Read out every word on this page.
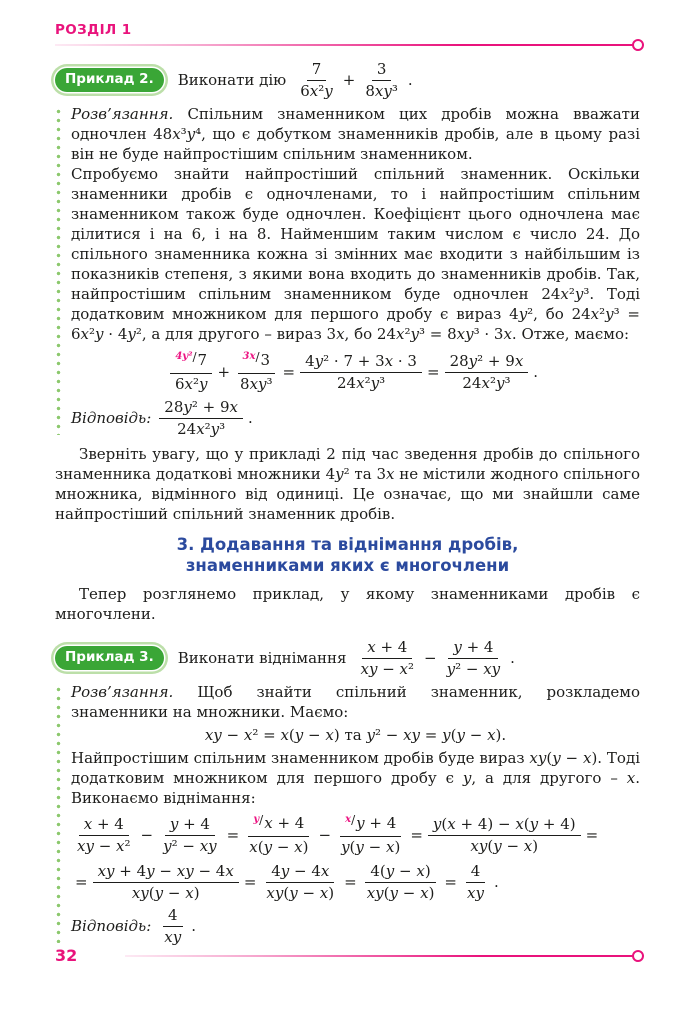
РОЗДІЛ 1
Приклад 2.	Виконати дію $\frac{7}{\text{6x²y}} + \frac{3}{\text{8xy³}}$ .

Розв’язання. Спільним знаменником цих дробів можна вважати одночлен 48x³y⁴, що є добутком знаменників дробів, але в цьому разі він не буде найпростішим спільним знаменником.

Спробуємо знайти найпростіший спільний знаменник. Оскільки знаменники дробів є одночленами, то і найпростішим спільним знаменником також буде одночлен. Коефіцієнт цього одночлена має ділитися і на 6, і на 8. Найменшим таким числом є число 24. До спільного знаменника кожна зі змінних має входити з найбільшим із показників степеня, з якими вона входить до знаменників дробів. Так, найпростішим спільним знаменником буде одночлен 24x²y³. Тоді додатковим множником для першого дробу є вираз 4y², бо 24x²y³ = 6x²y · 4y², а для другого – вираз 3x, бо 24x²y³ = 8xy³ · 3x. Отже, маємо:

$\frac{^{4y^2/}7}{\text{6x²y}} + \frac{^{3x/}3}{\text{8xy³}} = \frac{\text{4y² · 7 + 3x · 3}}{\text{24x²y³}} = \frac{\text{28y² + 9x}}{\text{24x²y³}}$ .
Відповідь: $\frac{\text{28y² + 9x}}{\text{24x²y³}}$ .

Зверніть увагу, що у прикладі 2 під час зведення дробів до спільного знаменника додаткові множники 4y² та 3x не містили жодного спільного множника, відмінного від одиниці. Це означає, що ми знайшли саме найпростіший спільний знаменник дробів.

3. Додавання та віднімання дробів,
знаменниками яких є многочлени

Тепер розглянемо приклад, у якому знаменниками дробів є многочлени.

Приклад 3.	Виконати віднімання $\frac{x + 4}{\text{xy − x²}} - \frac{y + 4}{\text{y² − xy}}$ .

Розв’язання. Щоб знайти спільний знаменник, розкладемо знаменники на множники. Маємо:

xy − x² = x(y − x) та y² − xy = y(y − x).

Найпростішим спільним знаменником дробів буде вираз xy(y − x). Тоді додатковим множником для першого дробу є y, а для другого – x. Виконаємо віднімання:

$\frac{x + 4}{\text{xy − x²}} - \frac{y + 4}{\text{y² − xy}} = \frac{^{y/}x + 4}{x(y - x)} - \frac{^{x/}y + 4}{y(y - x)} = \frac{y(x + 4) - x(y + 4)}{xy(y - x)}$ =
= $\frac{xy + 4y - xy - 4x}{xy(y - x)} = \frac{4y - 4x}{xy(y - x)} = \frac{4(y - x)}{xy(y - x)} = \frac{4}{xy}$ .
Відповідь: $\frac{4}{xy}$ .
32
